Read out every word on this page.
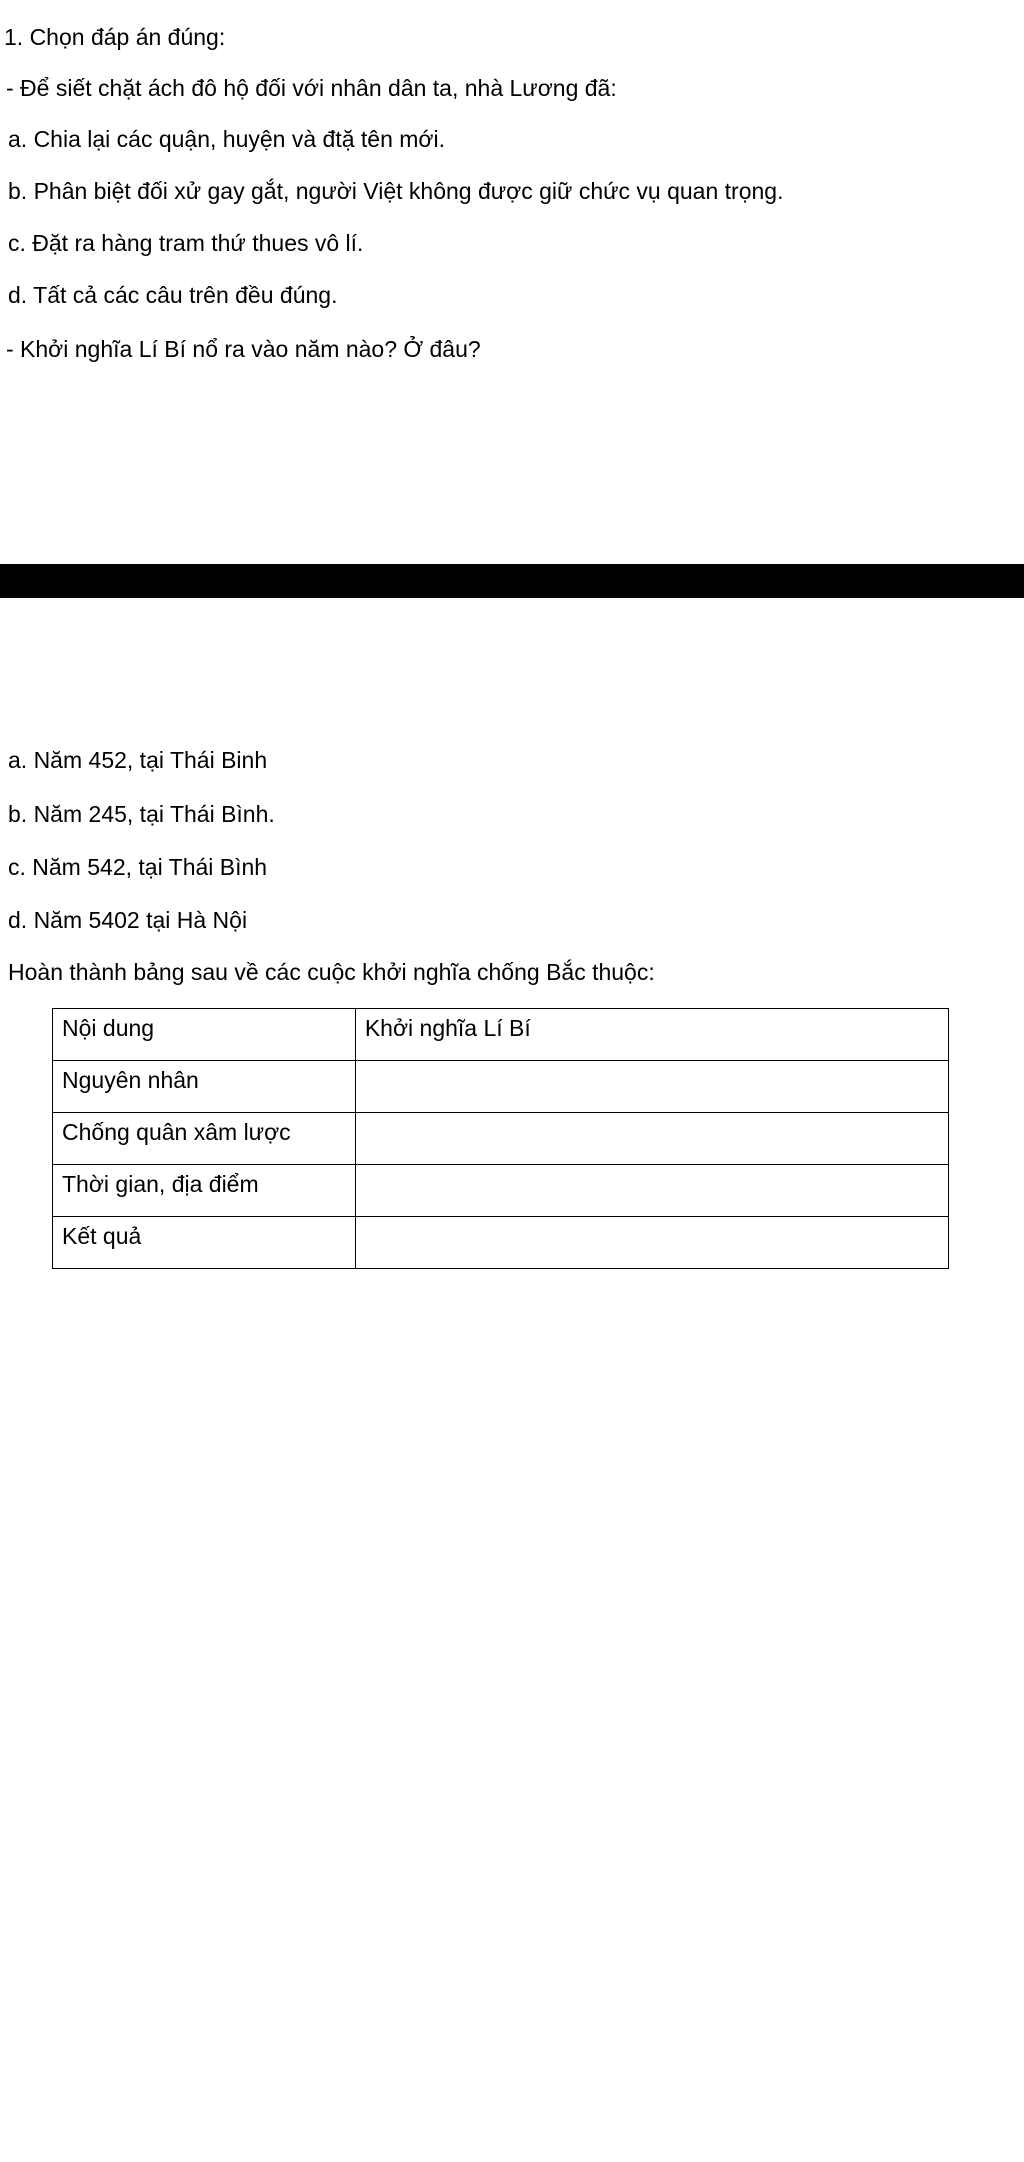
1. Chọn đáp án đúng:
- Để siết chặt ách đô hộ đối với nhân dân ta, nhà Lương đã:
a. Chia lại các quận, huyện và đtặ tên mới.
b. Phân biệt đối xử gay gắt, người Việt không được giữ chức vụ quan trọng.
c. Đặt ra hàng tram thứ thues vô lí.
d. Tất cả các câu trên đều đúng.
- Khởi nghĩa Lí Bí nổ ra vào năm nào? Ở đâu?
a. Năm 452, tại Thái Binh
b. Năm 245, tại Thái Bình.
c. Năm 542, tại Thái Bình
d. Năm 5402 tại Hà Nội
Hoàn thành bảng sau về các cuộc khởi nghĩa chống Bắc thuộc:
Nội dung	Khởi nghĩa Lí Bí
Nguyên nhân	
Chống quân xâm lược	
Thời gian, địa điểm	
Kết quả	
